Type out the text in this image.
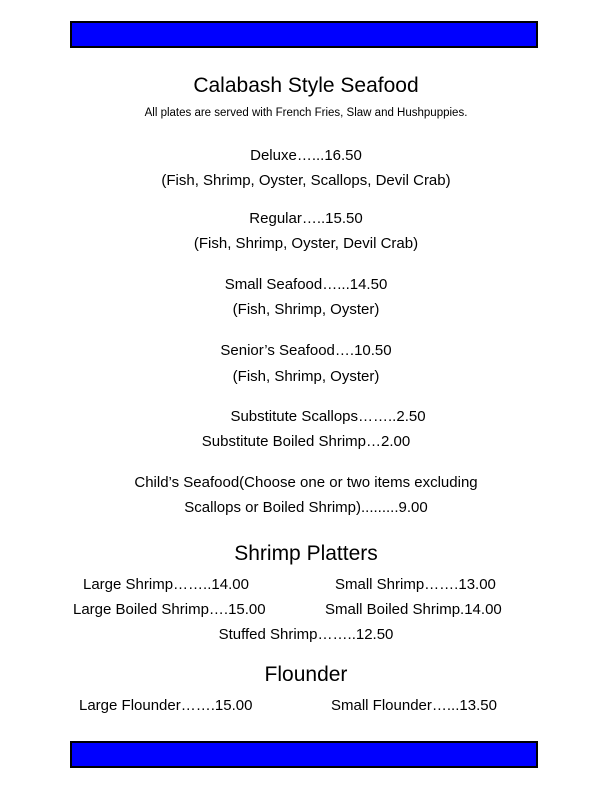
Calabash Style Seafood
All plates are served with French Fries, Slaw and Hushpuppies.
Deluxe…...16.50
(Fish, Shrimp, Oyster, Scallops, Devil Crab)
Regular…..15.50
(Fish, Shrimp, Oyster, Devil Crab)
Small Seafood…...14.50
(Fish, Shrimp, Oyster)
Senior’s Seafood….10.50
(Fish, Shrimp, Oyster)
Substitute Scallops……..2.50
Substitute Boiled Shrimp…2.00
Child’s Seafood(Choose one or two items excluding
Scallops or Boiled Shrimp).........9.00
Shrimp Platters
Large Shrimp……..14.00	Small Shrimp…….13.00
Large Boiled Shrimp….15.00	Small Boiled Shrimp.14.00
Stuffed Shrimp……..12.50
Flounder
Large Flounder…….15.00	Small Flounder…...13.50
